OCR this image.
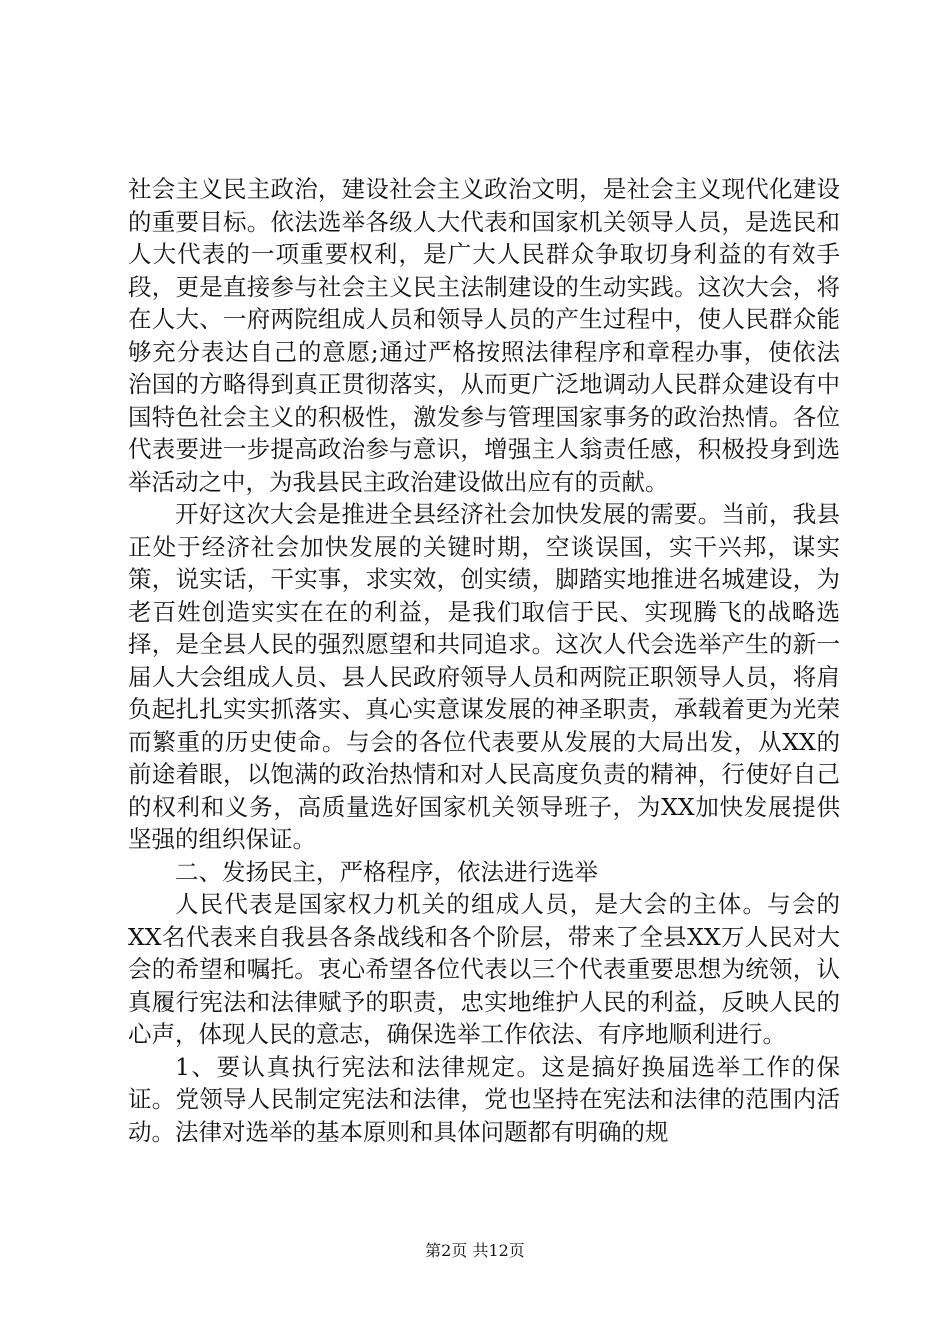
社会主义民主政治，建设社会主义政治文明，是社会主义现代化建设的重要目标。依法选举各级人大代表和国家机关领导人员，是选民和人大代表的一项重要权利，是广大人民群众争取切身利益的有效手段，更是直接参与社会主义民主法制建设的生动实践。这次大会，将在人大、一府两院组成人员和领导人员的产生过程中，使人民群众能够充分表达自己的意愿;通过严格按照法律程序和章程办事，使依法治国的方略得到真正贯彻落实，从而更广泛地调动人民群众建设有中国特色社会主义的积极性，激发参与管理国家事务的政治热情。各位代表要进一步提高政治参与意识，增强主人翁责任感，积极投身到选举活动之中，为我县民主政治建设做出应有的贡献。

开好这次大会是推进全县经济社会加快发展的需要。当前，我县正处于经济社会加快发展的关键时期，空谈误国，实干兴邦，谋实策，说实话，干实事，求实效，创实绩，脚踏实地推进名城建设，为老百姓创造实实在在的利益，是我们取信于民、实现腾飞的战略选择，是全县人民的强烈愿望和共同追求。这次人代会选举产生的新一届人大会组成人员、县人民政府领导人员和两院正职领导人员，将肩负起扎扎实实抓落实、真心实意谋发展的神圣职责，承载着更为光荣而繁重的历史使命。与会的各位代表要从发展的大局出发，从XX的前途着眼，以饱满的政治热情和对人民高度负责的精神，行使好自己的权利和义务，高质量选好国家机关领导班子，为XX加快发展提供坚强的组织保证。

二、发扬民主，严格程序，依法进行选举

人民代表是国家权力机关的组成人员，是大会的主体。与会的XX名代表来自我县各条战线和各个阶层，带来了全县XX万人民对大会的希望和嘱托。衷心希望各位代表以三个代表重要思想为统领，认真履行宪法和法律赋予的职责，忠实地维护人民的利益，反映人民的心声，体现人民的意志，确保选举工作依法、有序地顺利进行。

1、要认真执行宪法和法律规定。这是搞好换届选举工作的保证。党领导人民制定宪法和法律，党也坚持在宪法和法律的范围内活动。法律对选举的基本原则和具体问题都有明确的规

第2页 共12页
